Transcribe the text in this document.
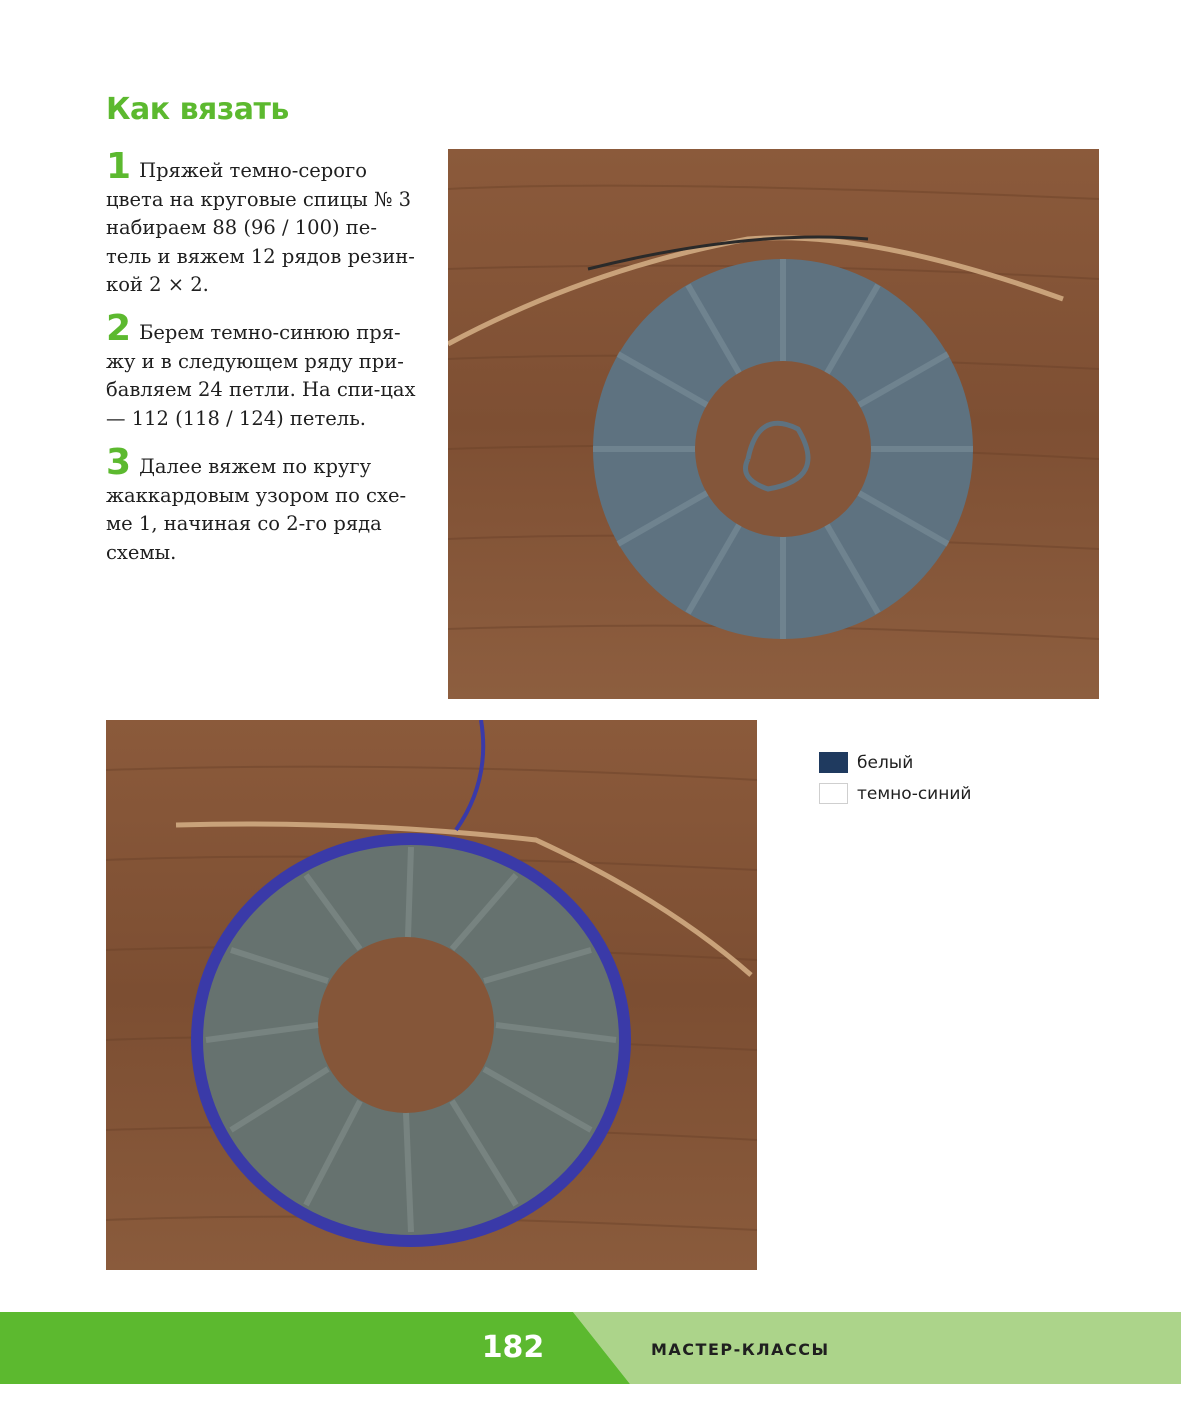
Как вязать
1 Пряжей темно-серого цвета на круговые спицы № 3 набираем 88 (96 / 100) пе-тель и вяжем 12 рядов резин-кой 2 × 2.
2 Берем темно-синюю пря-жу и в следующем ряду при-бавляем 24 петли. На спи-цах — 112 (118 / 124) петель.
3 Далее вяжем по кругу жаккардовым узором по схе-ме 1, начиная со 2-го ряда схемы.
белый
темно-синий
182	МАСТЕР-КЛАССЫ
